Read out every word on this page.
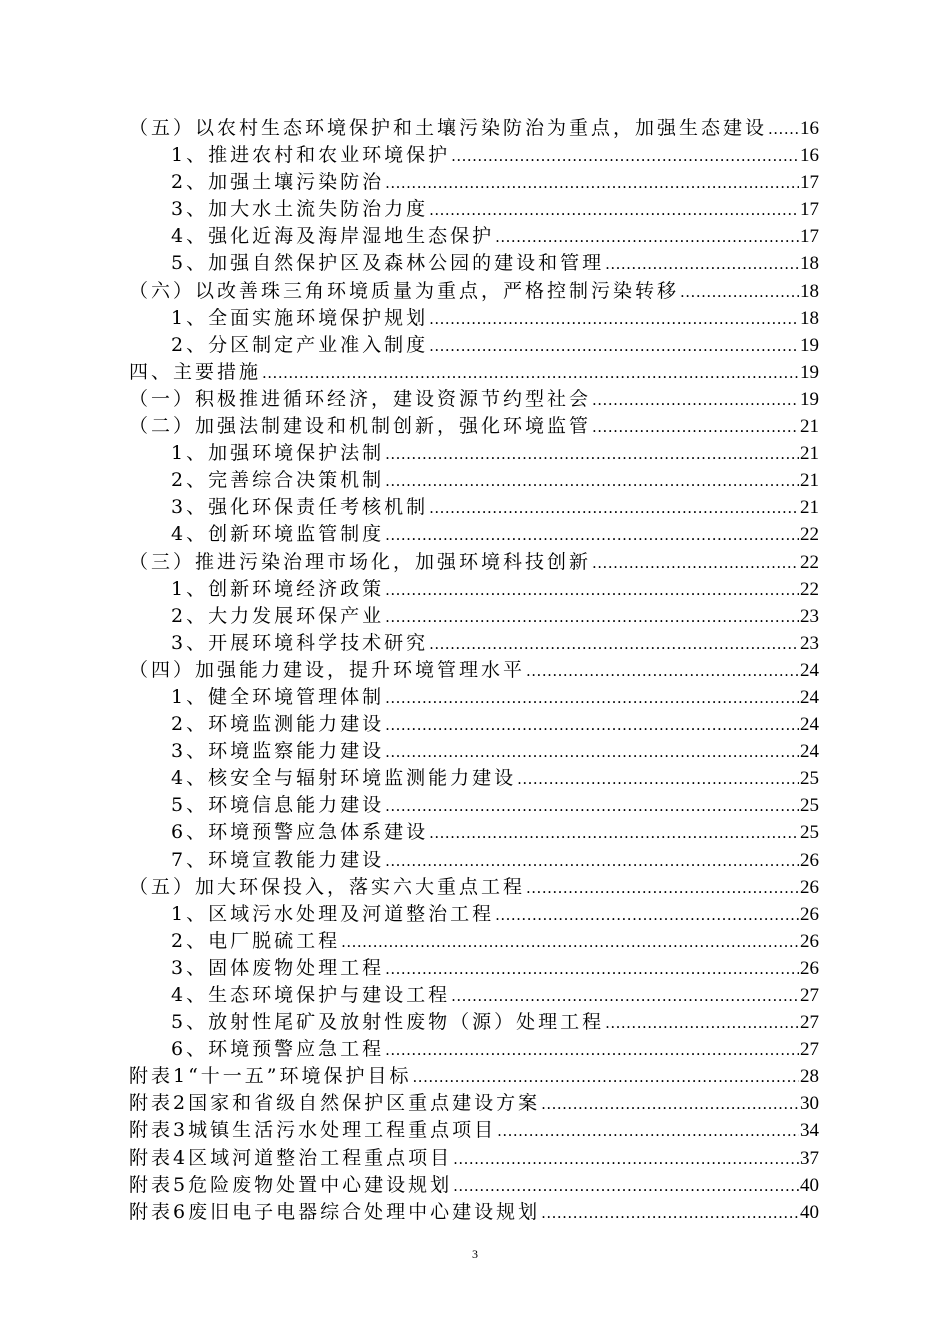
（五）以农村生态环境保护和土壤污染防治为重点，加强生态建设 ..... 16
1、推进农村和农业环境保护 .....	16
2、加强土壤污染防治 .....	17
3、加大水土流失防治力度 .....	17
4、强化近海及海岸湿地生态保护 .....	17
5、加强自然保护区及森林公园的建设和管理 .....	18
（六）以改善珠三角环境质量为重点，严格控制污染转移 .....	18
1、全面实施环境保护规划 .....	18
2、分区制定产业准入制度 .....	19
四、主要措施 .....	19
（一）积极推进循环经济，建设资源节约型社会 .....	19
（二）加强法制建设和机制创新，强化环境监管 .....	21
1、加强环境保护法制 .....	21
2、完善综合决策机制 .....	21
3、强化环保责任考核机制 .....	21
4、创新环境监管制度 .....	22
（三）推进污染治理市场化，加强环境科技创新 .....	22
1、创新环境经济政策 .....	22
2、大力发展环保产业 .....	23
3、开展环境科学技术研究 .....	23
（四）加强能力建设，提升环境管理水平 .....	24
1、健全环境管理体制 .....	24
2、环境监测能力建设 .....	24
3、环境监察能力建设 .....	24
4、核安全与辐射环境监测能力建设 .....	25
5、环境信息能力建设 .....	25
6、环境预警应急体系建设 .....	25
7、环境宣教能力建设 .....	26
（五）加大环保投入，落实六大重点工程 .....	26
1、区域污水处理及河道整治工程 .....	26
2、电厂脱硫工程 .....	26
3、固体废物处理工程 .....	26
4、生态环境保护与建设工程 .....	27
5、放射性尾矿及放射性废物（源）处理工程 .....	27
6、环境预警应急工程 .....	27
附表1“十一五”环境保护目标 .....	28
附表2国家和省级自然保护区重点建设方案 .....	30
附表3城镇生活污水处理工程重点项目 .....	34
附表4区域河道整治工程重点项目 .....	37
附表5危险废物处置中心建设规划 .....	40
附表6废旧电子电器综合处理中心建设规划 .....	40
3
